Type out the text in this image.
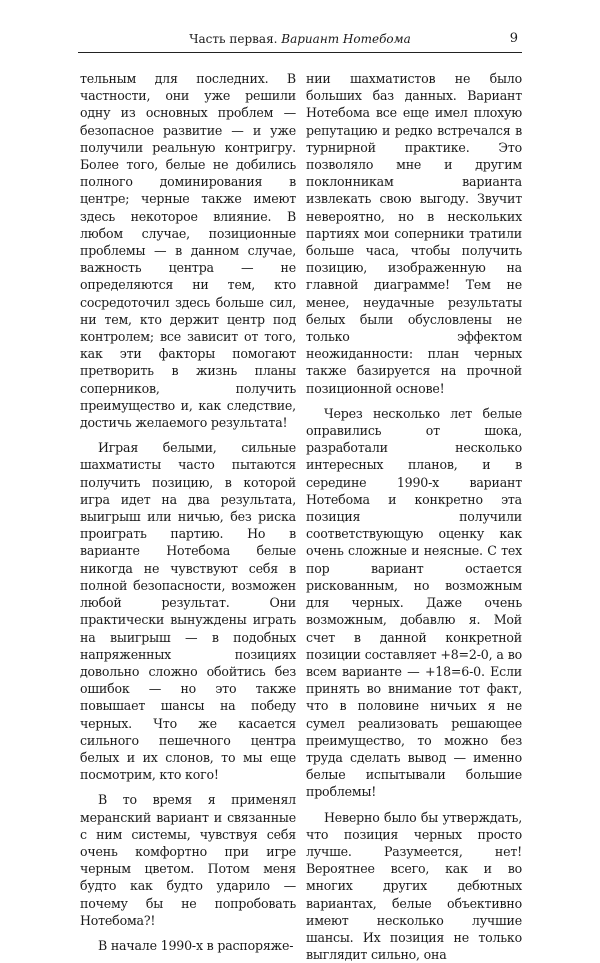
Часть первая. Вариант Нотебома	9

тельным для последних. В частности, они уже решили одну из основных проблем — безопасное развитие — и уже получили реальную контригру. Более того, белые не добились полного доминирования в центре; черные также имеют здесь некоторое влияние. В любом случае, позиционные проблемы — в данном случае, важность центра — не определяются ни тем, кто сосредоточил здесь больше сил, ни тем, кто держит центр под контролем; все зависит от того, как эти факторы помогают претворить в жизнь планы соперников, получить преимущество и, как следствие, достичь желаемого результата!

Играя белыми, сильные шахматисты часто пытаются получить позицию, в которой игра идет на два результата, выигрыш или ничью, без риска проиграть партию. Но в варианте Нотебома белые никогда не чувствуют себя в полной безопасности, возможен любой результат. Они практически вынуждены играть на выигрыш — в подобных напряженных позициях довольно сложно обойтись без ошибок — но это также повышает шансы на победу черных. Что же касается сильного пешечного центра белых и их слонов, то мы еще посмотрим, кто кого!

В то время я применял меранский вариант и связанные с ним системы, чувствуя себя очень комфортно при игре черным цветом. Потом меня будто как будто ударило — почему бы не попробовать Нотебома?!

В начале 1990-х в распоряже-

нии шахматистов не было больших баз данных. Вариант Нотебома все еще имел плохую репутацию и редко встречался в турнирной практике. Это позволяло мне и другим поклонникам варианта извлекать свою выгоду. Звучит невероятно, но в нескольких партиях мои соперники тратили больше часа, чтобы получить позицию, изображенную на главной диаграмме! Тем не менее, неудачные результаты белых были обусловлены не только эффектом неожиданности: план черных также базируется на прочной позиционной основе!

Через несколько лет белые оправились от шока, разработали несколько интересных планов, и в середине 1990-х вариант Нотебома и конкретно эта позиция получили соответствующую оценку как очень сложные и неясные. С тех пор вариант остается рискованным, но возможным для черных. Даже очень возможным, добавлю я. Мой счет в данной конкретной позиции составляет +8=2-0, а во всем варианте — +18=6-0. Если принять во внимание тот факт, что в половине ничьих я не сумел реализовать решающее преимущество, то можно без труда сделать вывод — именно белые испытывали большие проблемы!

Неверно было бы утверждать, что позиция черных просто лучше. Разумеется, нет! Вероятнее всего, как и во многих других дебютных вариантах, белые объективно имеют несколько лучшие шансы. Их позиция не только выглядит сильно, она
